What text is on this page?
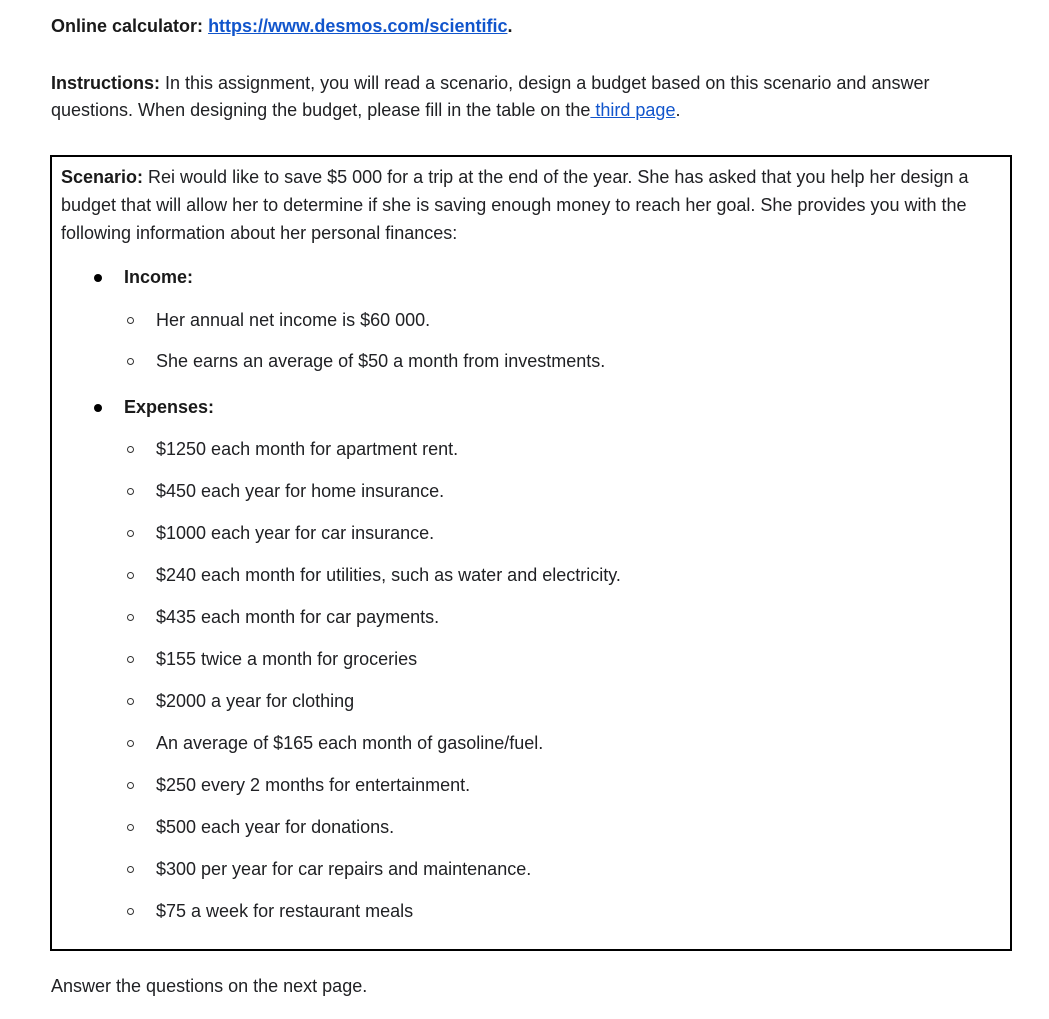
Online calculator: https://www.desmos.com/scientific.
Instructions: In this assignment, you will read a scenario, design a budget based on this scenario and answer questions. When designing the budget, please fill in the table on the third page.
Scenario: Rei would like to save $5 000 for a trip at the end of the year. She has asked that you help her design a budget that will allow her to determine if she is saving enough money to reach her goal. She provides you with the following information about her personal finances:
Income:
Her annual net income is $60 000.
She earns an average of $50 a month from investments.
Expenses:
$1250 each month for apartment rent.
$450 each year for home insurance.
$1000 each year for car insurance.
$240 each month for utilities, such as water and electricity.
$435 each month for car payments.
$155 twice a month for groceries
$2000 a year for clothing
An average of $165 each month of gasoline/fuel.
$250 every 2 months for entertainment.
$500 each year for donations.
$300 per year for car repairs and maintenance.
$75 a week for restaurant meals
Answer the questions on the next page.
